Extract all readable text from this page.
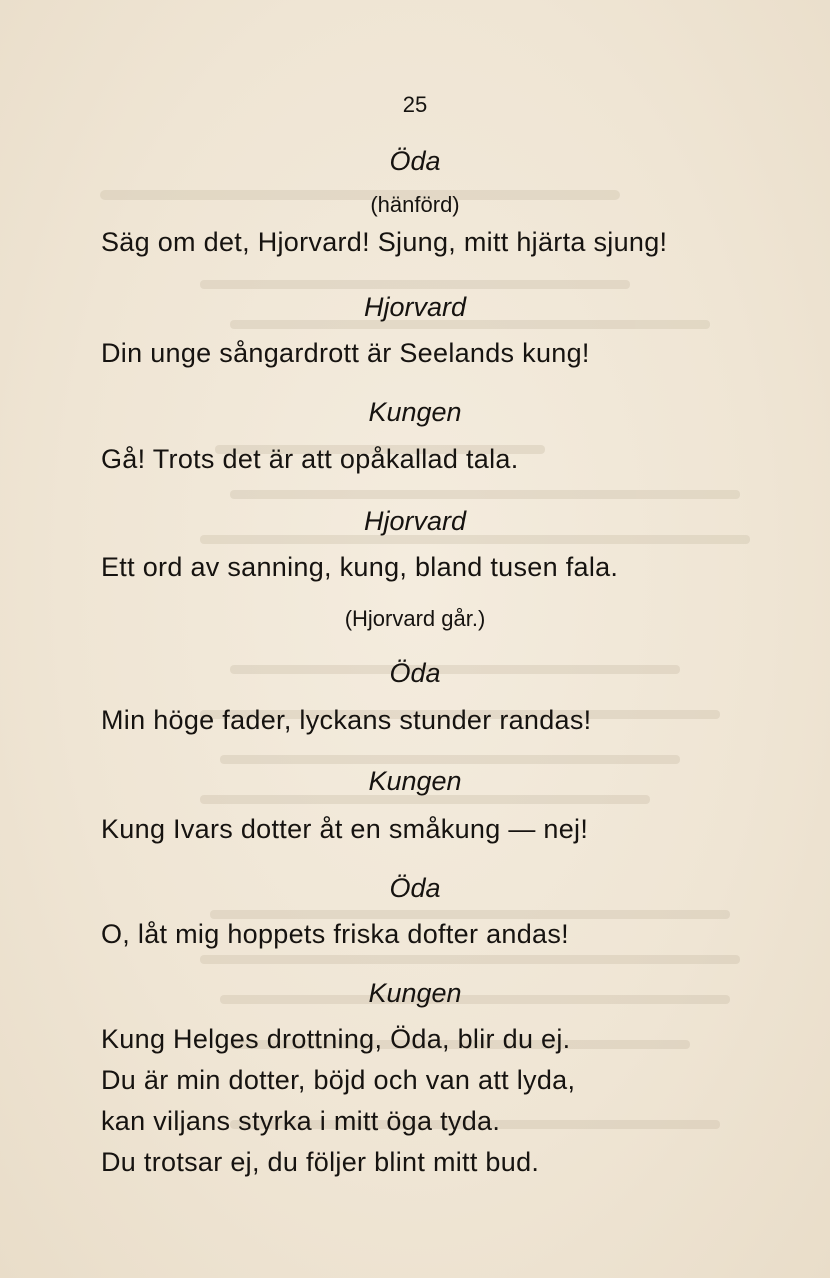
25
Öda
(hänförd)
Säg om det, Hjorvard! Sjung, mitt hjärta sjung!
Hjorvard
Din unge sångardrott är Seelands kung!
Kungen
Gå! Trots det är att opåkallad tala.
Hjorvard
Ett ord av sanning, kung, bland tusen fala.
(Hjorvard går.)
Öda
Min höge fader, lyckans stunder randas!
Kungen
Kung Ivars dotter åt en småkung — nej!
Öda
O, låt mig hoppets friska dofter andas!
Kungen
Kung Helges drottning, Öda, blir du ej.
Du är min dotter, böjd och van att lyda,
kan viljans styrka i mitt öga tyda.
Du trotsar ej, du följer blint mitt bud.
